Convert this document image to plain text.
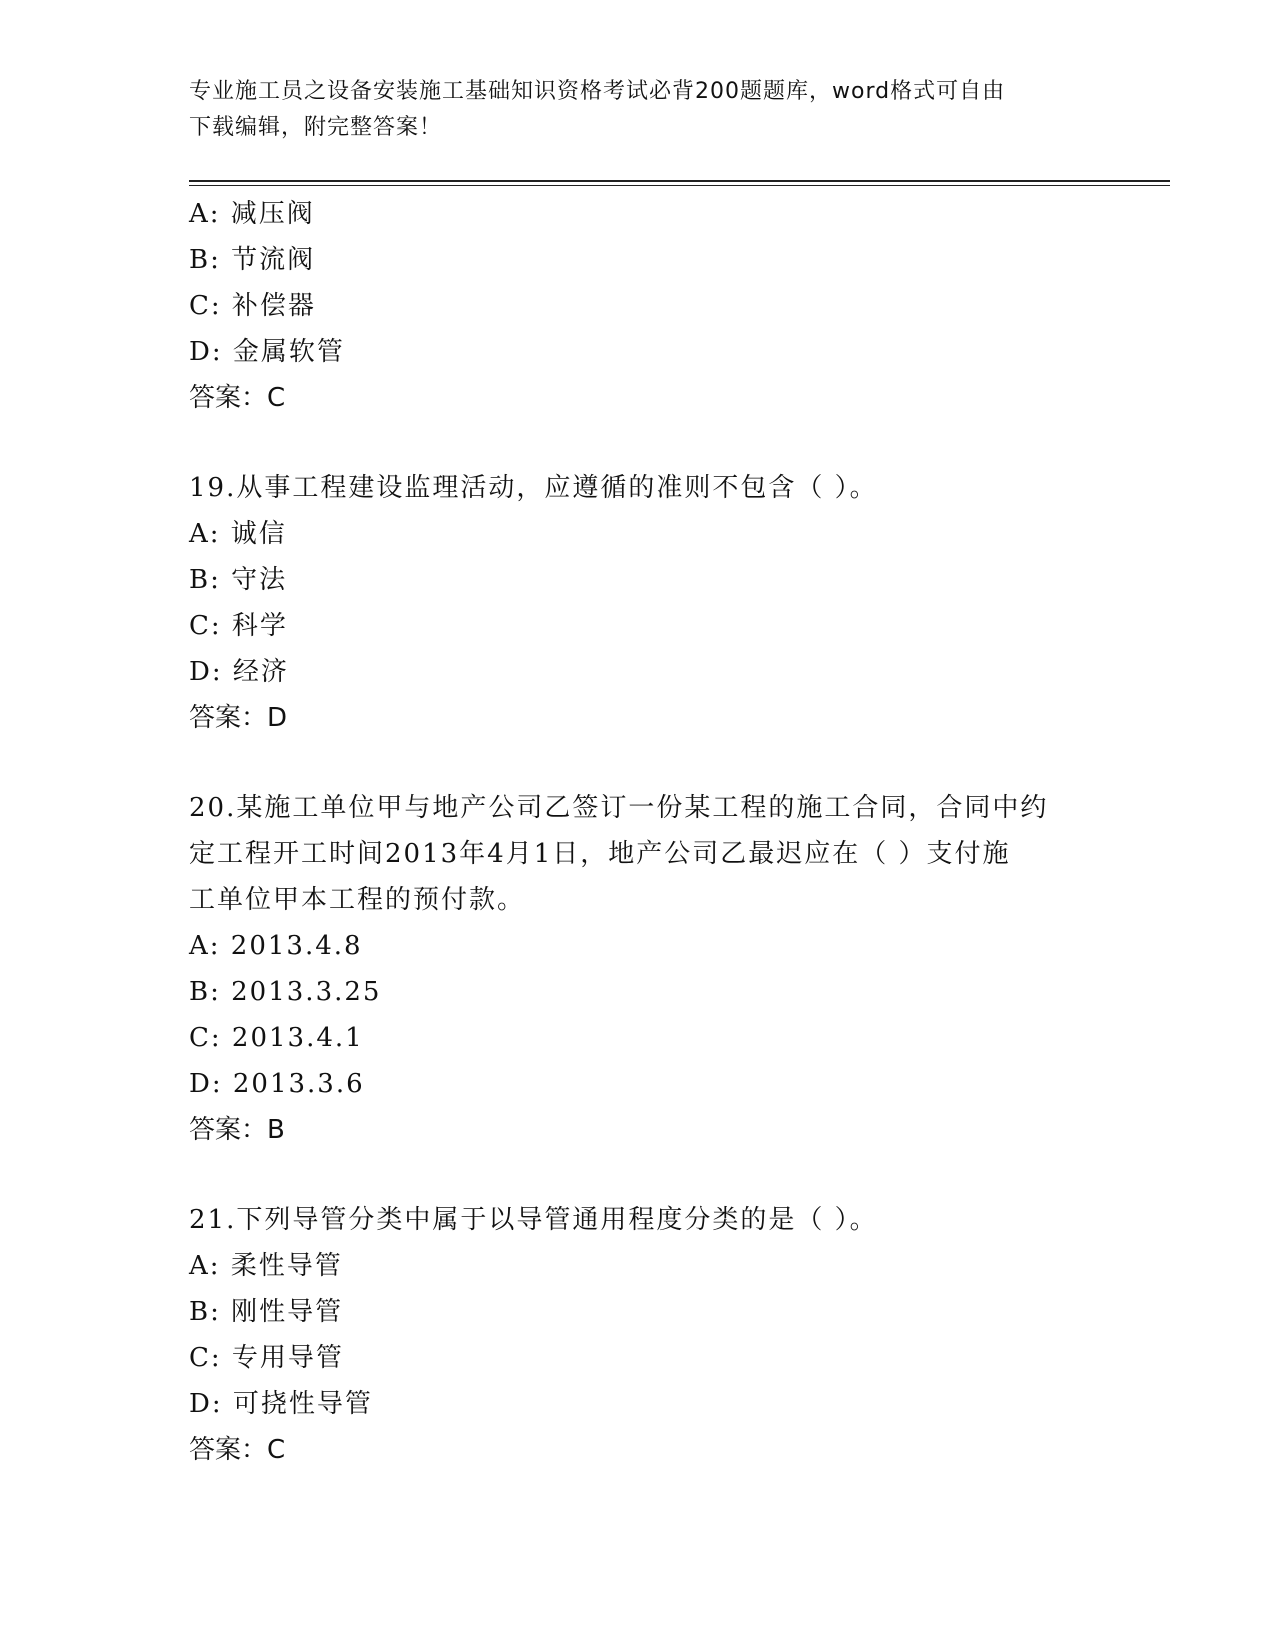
专业施工员之设备安装施工基础知识资格考试必背200题题库，word格式可自由
下载编辑，附完整答案！
A: 减压阀
B: 节流阀
C: 补偿器
D: 金属软管
答案：C
19.从事工程建设监理活动，应遵循的准则不包含（ ）。
A: 诚信
B: 守法
C: 科学
D: 经济
答案：D
20.某施工单位甲与地产公司乙签订一份某工程的施工合同，合同中约
定工程开工时间2013年4月1日，地产公司乙最迟应在（ ）支付施
工单位甲本工程的预付款。
A: 2013.4.8
B: 2013.3.25
C: 2013.4.1
D: 2013.3.6
答案：B
21.下列导管分类中属于以导管通用程度分类的是（ ）。
A: 柔性导管
B: 刚性导管
C: 专用导管
D: 可挠性导管
答案：C
